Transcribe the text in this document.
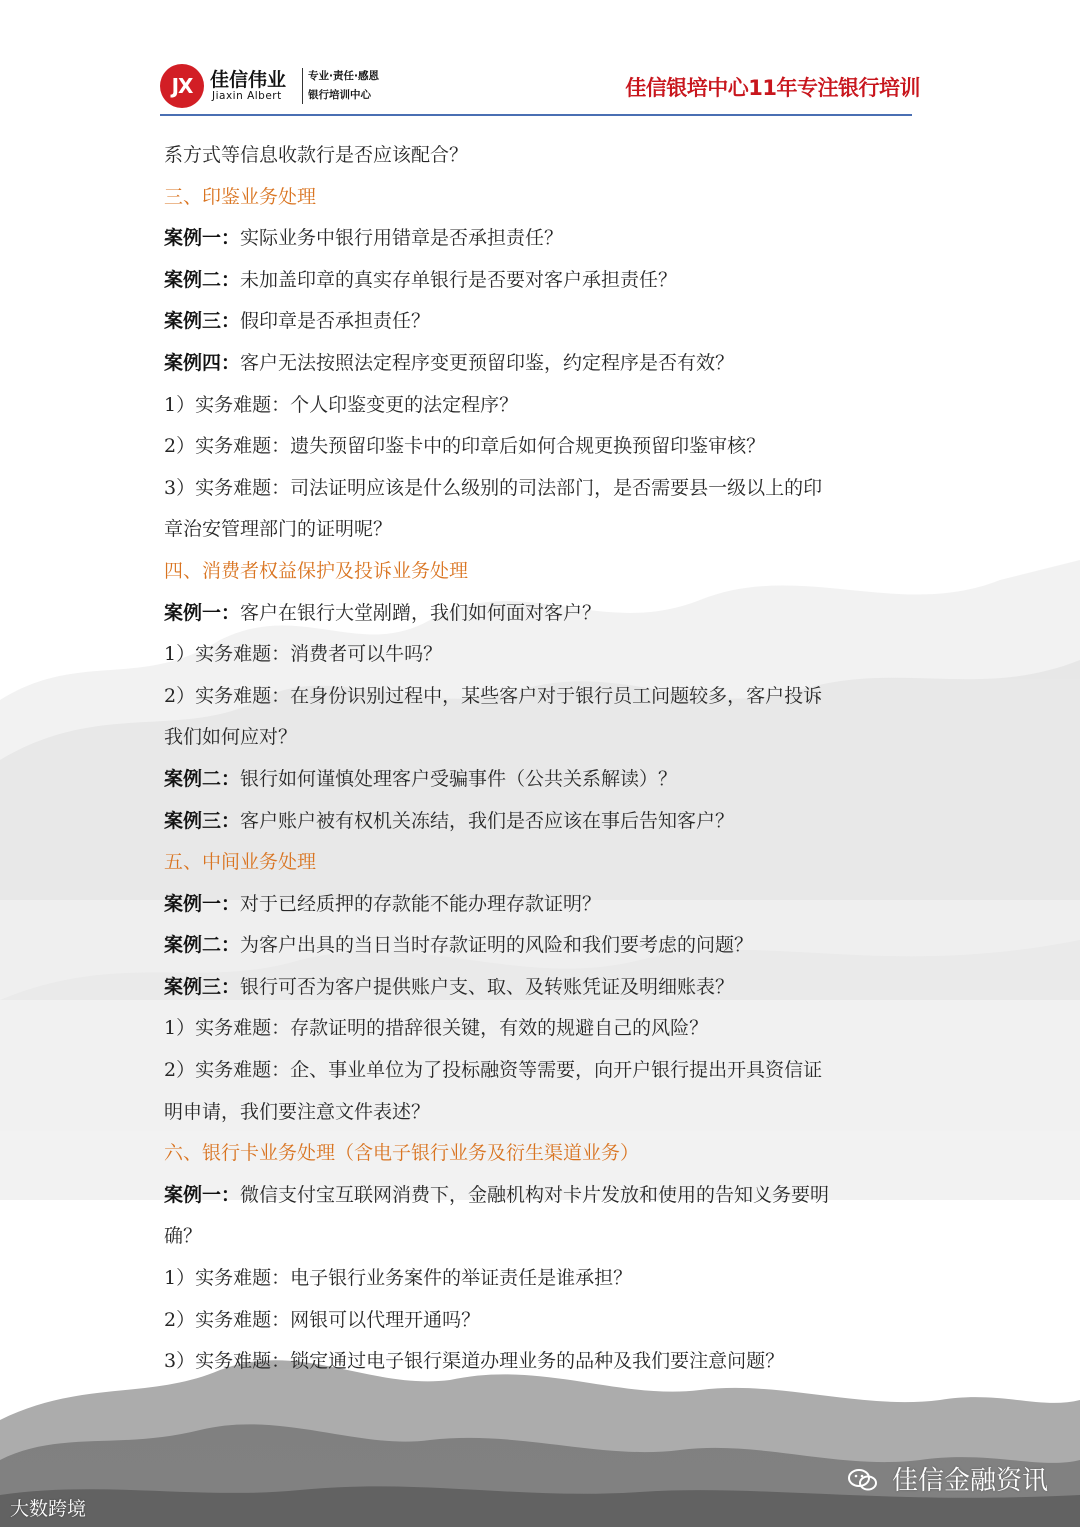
JX 佳信伟业
Jiaxin Albert
专业·责任·感恩
银行培训中心	佳信银培中心11年专注银行培训
系方式等信息收款行是否应该配合？
三、印鉴业务处理
案例一：实际业务中银行用错章是否承担责任？
案例二：未加盖印章的真实存单银行是否要对客户承担责任？
案例三：假印章是否承担责任？
案例四：客户无法按照法定程序变更预留印鉴，约定程序是否有效？
1）实务难题：个人印鉴变更的法定程序？
2）实务难题：遗失预留印鉴卡中的印章后如何合规更换预留印鉴审核？
3）实务难题：司法证明应该是什么级别的司法部门，是否需要县一级以上的印
章治安管理部门的证明呢？
四、消费者权益保护及投诉业务处理
案例一：客户在银行大堂剐蹭，我们如何面对客户？
1）实务难题：消费者可以牛吗？
2）实务难题：在身份识别过程中，某些客户对于银行员工问题较多，客户投诉
我们如何应对？
案例二：银行如何谨慎处理客户受骗事件（公共关系解读）？
案例三：客户账户被有权机关冻结，我们是否应该在事后告知客户？
五、中间业务处理
案例一：对于已经质押的存款能不能办理存款证明？
案例二：为客户出具的当日当时存款证明的风险和我们要考虑的问题？
案例三：银行可否为客户提供账户支、取、及转账凭证及明细账表？
1）实务难题：存款证明的措辞很关键，有效的规避自己的风险？
2）实务难题：企、事业单位为了投标融资等需要，向开户银行提出开具资信证
明申请，我们要注意文件表述？
六、银行卡业务处理（含电子银行业务及衍生渠道业务）
案例一：微信支付宝互联网消费下，金融机构对卡片发放和使用的告知义务要明
确？
1）实务难题：电子银行业务案件的举证责任是谁承担？
2）实务难题：网银可以代理开通吗？
3）实务难题：锁定通过电子银行渠道办理业务的品种及我们要注意问题？
大数跨境
佳信金融资讯
